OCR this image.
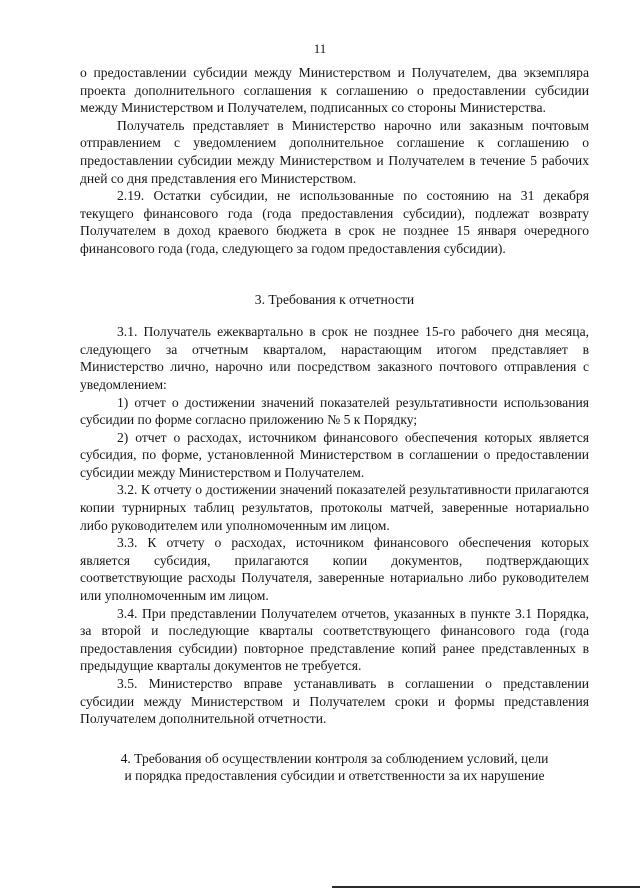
11

о предоставлении субсидии между Министерством и Получателем, два экземпляра проекта дополнительного соглашения к соглашению о предоставлении субсидии между Министерством и Получателем, подписанных со стороны Министерства.

Получатель представляет в Министерство нарочно или заказным почтовым отправлением с уведомлением дополнительное соглашение к соглашению о предоставлении субсидии между Министерством и Получателем в течение 5 рабочих дней со дня представления его Министерством.

2.19. Остатки субсидии, не использованные по состоянию на 31 декабря текущего финансового года (года предоставления субсидии), подлежат возврату Получателем в доход краевого бюджета в срок не позднее 15 января очередного финансового года (года, следующего за годом предоставления субсидии).

3. Требования к отчетности

3.1. Получатель ежеквартально в срок не позднее 15-го рабочего дня месяца, следующего за отчетным кварталом, нарастающим итогом представляет в Министерство лично, нарочно или посредством заказного почтового отправления с уведомлением:

1) отчет о достижении значений показателей результативности использования субсидии по форме согласно приложению № 5 к Порядку;

2) отчет о расходах, источником финансового обеспечения которых является субсидия, по форме, установленной Министерством в соглашении о предоставлении субсидии между Министерством и Получателем.

3.2. К отчету о достижении значений показателей результативности прилагаются копии турнирных таблиц результатов, протоколы матчей, заверенные нотариально либо руководителем или уполномоченным им лицом.

3.3. К отчету о расходах, источником финансового обеспечения которых является субсидия, прилагаются копии документов, подтверждающих соответствующие расходы Получателя, заверенные нотариально либо руководителем или уполномоченным им лицом.

3.4. При представлении Получателем отчетов, указанных в пункте 3.1 Порядка, за второй и последующие кварталы соответствующего финансового года (года предоставления субсидии) повторное представление копий ранее представленных в предыдущие кварталы документов не требуется.

3.5. Министерство вправе устанавливать в соглашении о представлении субсидии между Министерством и Получателем сроки и формы представления Получателем дополнительной отчетности.

4. Требования об осуществлении контроля за соблюдением условий, цели
и порядка предоставления субсидии и ответственности за их нарушение
